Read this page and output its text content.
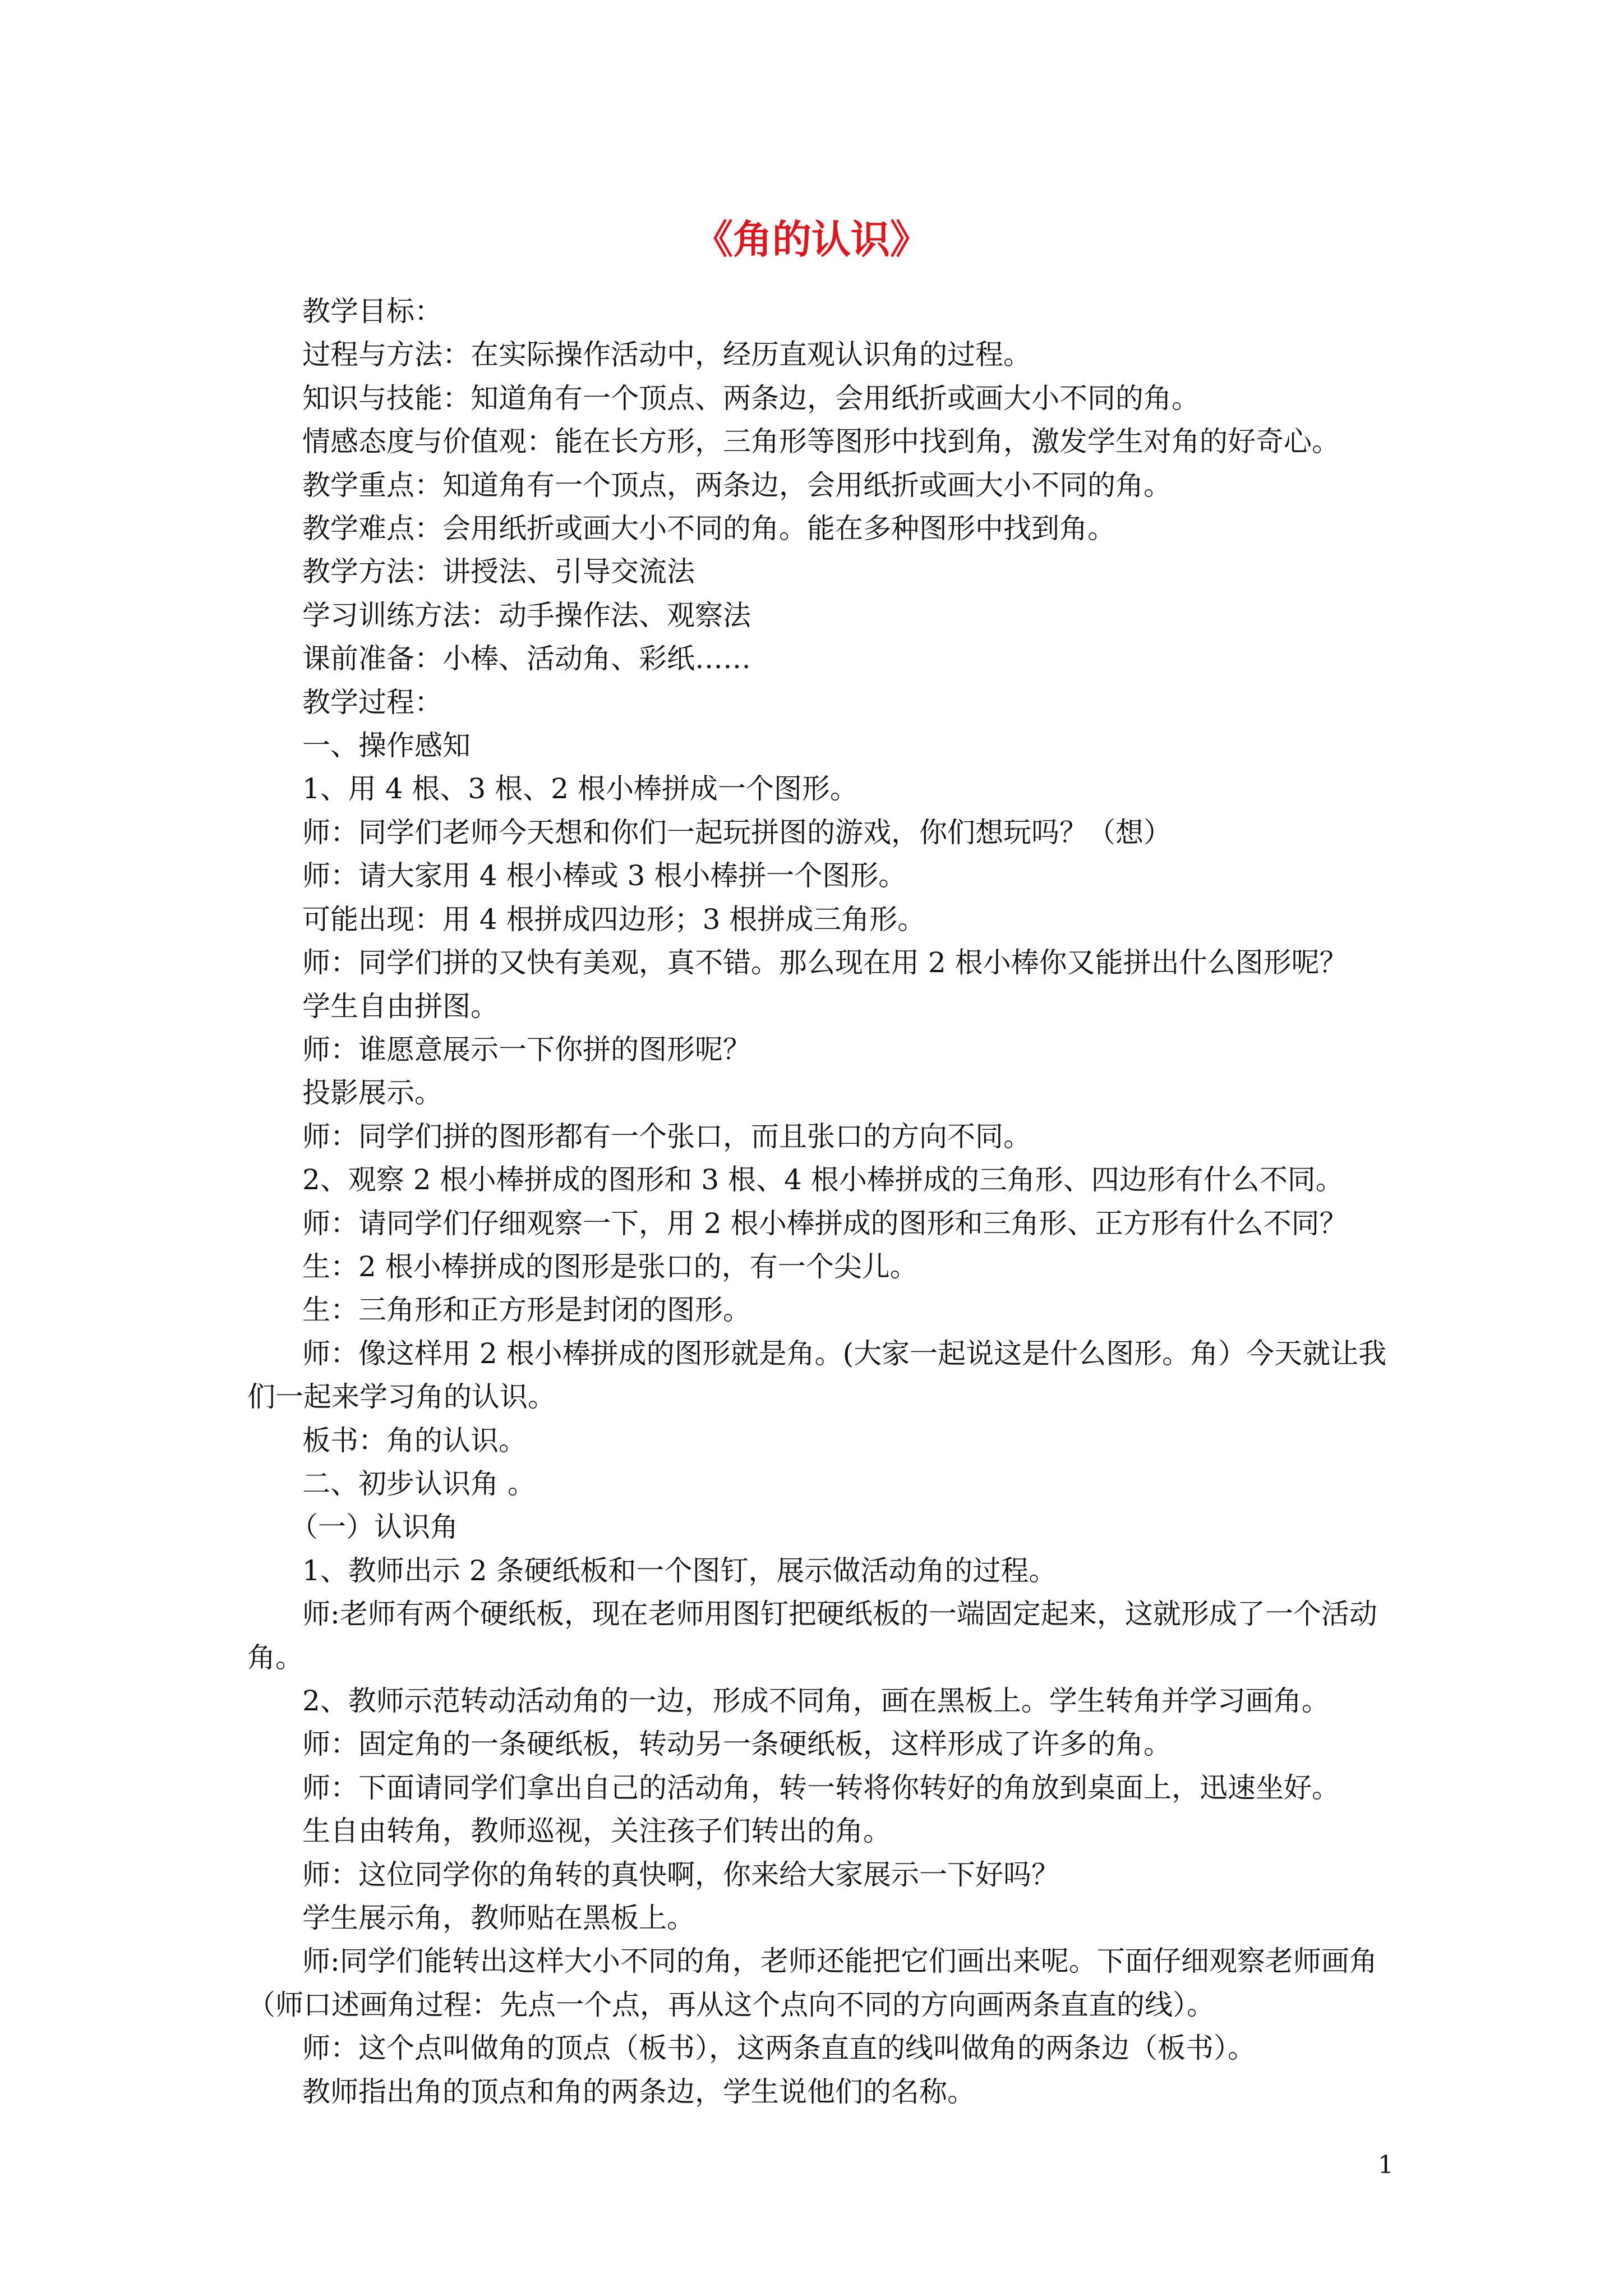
《角的认识》

教学目标：

过程与方法：在实际操作活动中，经历直观认识角的过程。

知识与技能：知道角有一个顶点、两条边，会用纸折或画大小不同的角。

情感态度与价值观：能在长方形，三角形等图形中找到角，激发学生对角的好奇心。

教学重点：知道角有一个顶点，两条边，会用纸折或画大小不同的角。

教学难点：会用纸折或画大小不同的角。能在多种图形中找到角。

教学方法：讲授法、引导交流法

学习训练方法：动手操作法、观察法

课前准备：小棒、活动角、彩纸……

教学过程：

一、操作感知

1、用 4 根、3 根、2 根小棒拼成一个图形。

师：同学们老师今天想和你们一起玩拼图的游戏，你们想玩吗？（想）

师：请大家用 4 根小棒或 3 根小棒拼一个图形。

可能出现：用 4 根拼成四边形；3 根拼成三角形。

师：同学们拼的又快有美观，真不错。那么现在用 2 根小棒你又能拼出什么图形呢？

学生自由拼图。

师：谁愿意展示一下你拼的图形呢？

投影展示。

师：同学们拼的图形都有一个张口，而且张口的方向不同。

2、观察 2 根小棒拼成的图形和 3 根、4 根小棒拼成的三角形、四边形有什么不同。

师：请同学们仔细观察一下，用 2 根小棒拼成的图形和三角形、正方形有什么不同？

生：2 根小棒拼成的图形是张口的，有一个尖儿。

生：三角形和正方形是封闭的图形。

师：像这样用 2 根小棒拼成的图形就是角。(大家一起说这是什么图形。角）今天就让我们一起来学习角的认识。

板书：角的认识。

二、初步认识角 。

（一）认识角

1、教师出示 2 条硬纸板和一个图钉，展示做活动角的过程。

师:老师有两个硬纸板，现在老师用图钉把硬纸板的一端固定起来，这就形成了一个活动角。

2、教师示范转动活动角的一边，形成不同角，画在黑板上。学生转角并学习画角。

师：固定角的一条硬纸板，转动另一条硬纸板，这样形成了许多的角。

师：下面请同学们拿出自己的活动角，转一转将你转好的角放到桌面上，迅速坐好。

生自由转角，教师巡视，关注孩子们转出的角。

师：这位同学你的角转的真快啊，你来给大家展示一下好吗？

学生展示角，教师贴在黑板上。

师:同学们能转出这样大小不同的角，老师还能把它们画出来呢。下面仔细观察老师画角（师口述画角过程：先点一个点，再从这个点向不同的方向画两条直直的线）。

师：这个点叫做角的顶点（板书），这两条直直的线叫做角的两条边（板书）。

教师指出角的顶点和角的两条边，学生说他们的名称。

1
